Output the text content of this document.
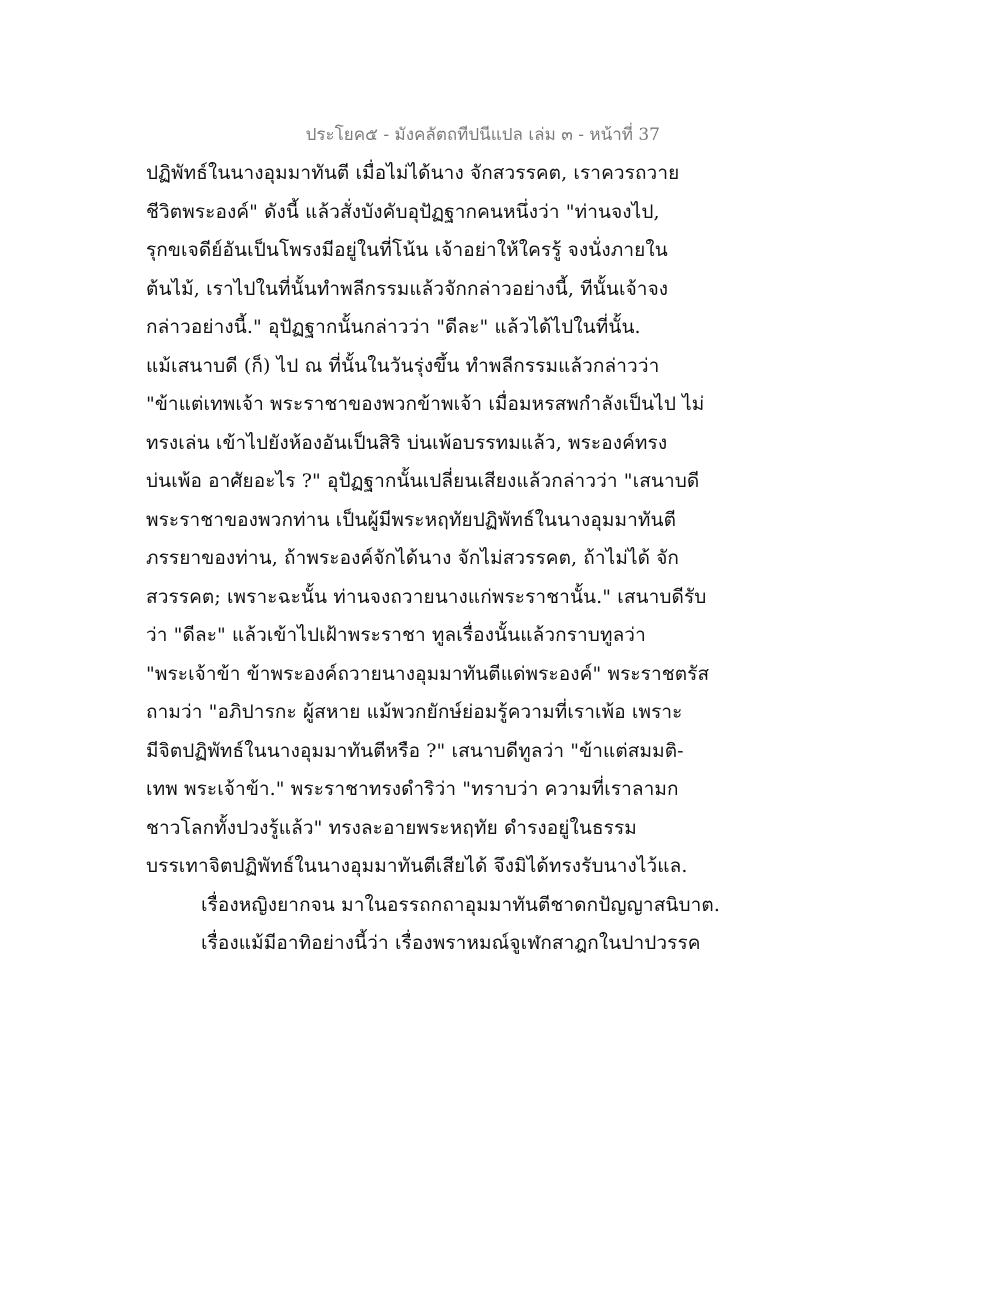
ประโยค๕ - มังคลัตถทีปนีแปล เล่ม ๓ - หน้าที่ 37
ปฏิพัทธ์ในนางอุมมาทันตี เมื่อไม่ได้นาง จักสวรรคต, เราควรถวาย
ชีวิตพระองค์" ดังนี้ แล้วสั่งบังคับอุปัฏฐากคนหนึ่งว่า "ท่านจงไป,
รุกขเจดีย์อันเป็นโพรงมีอยู่ในที่โน้น เจ้าอย่าให้ใครรู้ จงนั่งภายใน
ต้นไม้, เราไปในที่นั้นทำพลีกรรมแล้วจักกล่าวอย่างนี้, ทีนั้นเจ้าจง
กล่าวอย่างนี้." อุปัฏฐากนั้นกล่าวว่า "ดีละ" แล้วได้ไปในที่นั้น.
แม้เสนาบดี (ก็) ไป ณ ที่นั้นในวันรุ่งขึ้น ทำพลีกรรมแล้วกล่าวว่า
"ข้าแต่เทพเจ้า พระราชาของพวกข้าพเจ้า เมื่อมหรสพกำลังเป็นไป ไม่
ทรงเล่น เข้าไปยังห้องอันเป็นสิริ บ่นเพ้อบรรทมแล้ว, พระองค์ทรง
บ่นเพ้อ อาศัยอะไร ?" อุปัฏฐากนั้นเปลี่ยนเสียงแล้วกล่าวว่า "เสนาบดี
พระราชาของพวกท่าน เป็นผู้มีพระหฤทัยปฏิพัทธ์ในนางอุมมาทันตี
ภรรยาของท่าน, ถ้าพระองค์จักได้นาง จักไม่สวรรคต, ถ้าไม่ได้ จัก
สวรรคต; เพราะฉะนั้น ท่านจงถวายนางแก่พระราชานั้น." เสนาบดีรับ
ว่า "ดีละ" แล้วเข้าไปเฝ้าพระราชา ทูลเรื่องนั้นแล้วกราบทูลว่า
"พระเจ้าข้า ข้าพระองค์ถวายนางอุมมาทันตีแด่พระองค์" พระราชตรัส
ถามว่า "อภิปารกะ ผู้สหาย แม้พวกยักษ์ย่อมรู้ความที่เราเพ้อ เพราะ
มีจิตปฏิพัทธ์ในนางอุมมาทันตีหรือ ?" เสนาบดีทูลว่า "ข้าแต่สมมติ-
เทพ พระเจ้าข้า." พระราชาทรงดำริว่า "ทราบว่า ความที่เราลามก
ชาวโลกทั้งปวงรู้แล้ว" ทรงละอายพระหฤทัย ดำรงอยู่ในธรรม
บรรเทาจิตปฏิพัทธ์ในนางอุมมาทันตีเสียได้ จึงมิได้ทรงรับนางไว้แล.
เรื่องหญิงยากจน มาในอรรถกถาอุมมาทันตีชาดกปัญญาสนิบาต.
เรื่องแม้มีอาทิอย่างนี้ว่า เรื่องพราหมณ์จูเฬกสาฎกในปาปวรรค
